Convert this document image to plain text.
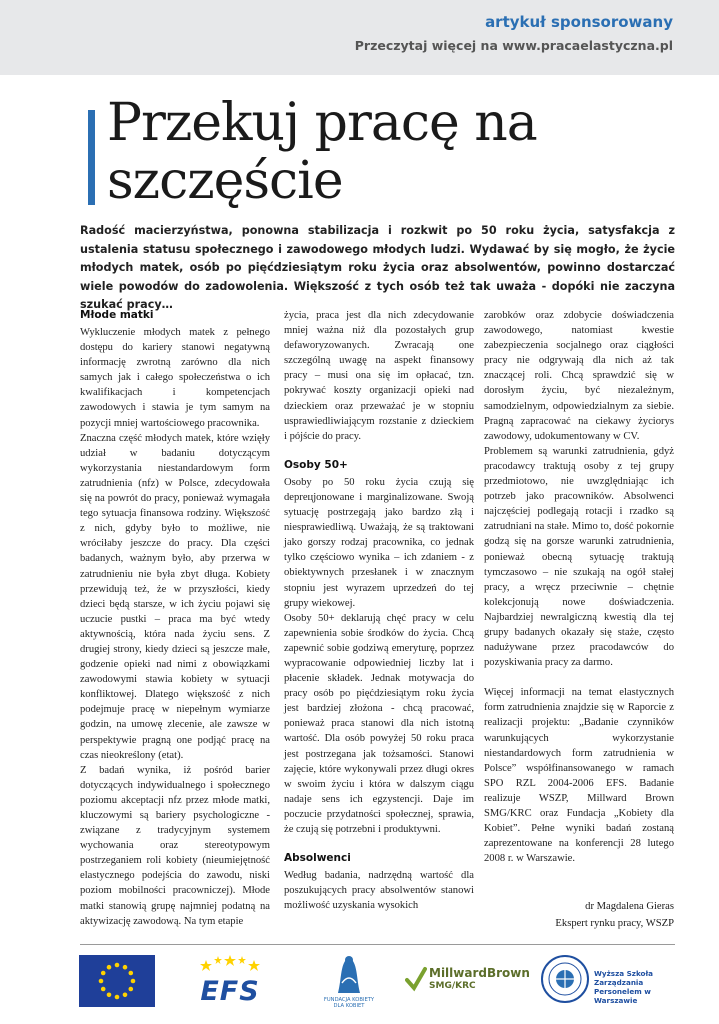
artykuł sponsorowany
Przeczytaj więcej na www.pracaelastyczna.pl
Przekuj pracę na
szczęście

Radość macierzyństwa, ponowna stabilizacja i rozkwit po 50 roku życia, satysfakcja z ustalenia statusu społecznego i zawodowego młodych ludzi. Wydawać by się mogło, że życie młodych matek, osób po pięćdziesiątym roku życia oraz absolwentów, powinno dostarczać wiele powodów do zadowolenia. Większość z tych osób też tak uważa - dopóki nie zaczyna szukać pracy…

Młode matki

Wykluczenie młodych matek z pełnego dostępu do kariery stanowi negatywną informację zwrotną zarówno dla nich samych jak i całego społeczeństwa o ich kwalifikacjach i kompetencjach zawodowych i stawia je tym samym na pozycji mniej wartościowego pracownika.

Znaczna część młodych matek, które wzięły udział w badaniu dotyczącym wykorzystania niestandardowym form zatrudnienia (nfz) w Polsce, zdecydowała się na powrót do pracy, ponieważ wymagała tego sytuacja finansowa rodziny. Większość z nich, gdyby było to możliwe, nie wróciłaby jeszcze do pracy. Dla części badanych, ważnym było, aby przerwa w zatrudnieniu nie była zbyt długa. Kobiety przewidują też, że w przyszłości, kiedy dzieci będą starsze, w ich życiu pojawi się uczucie pustki – praca ma być wtedy aktywnością, która nada życiu sens. Z drugiej strony, kiedy dzieci są jeszcze małe, godzenie opieki nad nimi z obowiązkami zawodowymi stawia kobiety w sytuacji konfliktowej. Dlatego większość z nich podejmuje pracę w niepełnym wymiarze godzin, na umowę zlecenie, ale zawsze w perspektywie pragną one podjąć pracę na czas nieokreślony (etat).

Z badań wynika, iż pośród barier dotyczących indywidualnego i społecznego poziomu akceptacji nfz przez młode matki, kluczowymi są bariery psychologiczne - związane z tradycyjnym systemem wychowania oraz stereotypowym postrzeganiem roli kobiety (nieumiejętność elastycznego podejścia do zawodu, niski poziom mobilności pracowniczej). Młode matki stanowią grupę najmniej podatną na aktywizację zawodową. Na tym etapie

życia, praca jest dla nich zdecydowanie mniej ważna niż dla pozostałych grup defaworyzowanych. Zwracają one szczególną uwagę na aspekt finansowy pracy – musi ona się im opłacać, tzn. pokrywać koszty organizacji opieki nad dzieckiem oraz przeważać je w stopniu usprawiedliwiającym rozstanie z dzieckiem i pójście do pracy.

Osoby 50+

Osoby po 50 roku życia czują się depreцjonowane i marginalizowane. Swoją sytuację postrzegają jako bardzo złą i niesprawiedliwą. Uważają, że są traktowani jako gorszy rodzaj pracownika, co jednak tylko częściowo wynika – ich zdaniem - z obiektywnych przesłanek i w znacznym stopniu jest wyrazem uprzedzeń do tej grupy wiekowej.

Osoby 50+ deklarują chęć pracy w celu zapewnienia sobie środków do życia. Chcą zapewnić sobie godziwą emeryturę, poprzez wypracowanie odpowiedniej liczby lat i płacenie składek. Jednak motywacja do pracy osób po pięćdziesiątym roku życia jest bardziej złożona - chcą pracować, ponieważ praca stanowi dla nich istotną wartość. Dla osób powyżej 50 roku praca jest postrzegana jak tożsamości. Stanowi zajęcie, które wykonywali przez długi okres w swoim życiu i która w dalszym ciągu nadaje sens ich egzystencji. Daje im poczucie przydatności społecznej, sprawia, że czują się potrzebni i produktywni.

Absolwenci

Według badania, nadrzędną wartość dla poszukujących pracy absolwentów stanowi możliwość uzyskania wysokich

zarobków oraz zdobycie doświadczenia zawodowego, natomiast kwestie zabezpieczenia socjalnego oraz ciągłości pracy nie odgrywają dla nich aż tak znaczącej roli. Chcą sprawdzić się w dorosłym życiu, być niezależnym, samodzielnym, odpowiedzialnym za siebie. Pragną zapracować na ciekawy życiorys zawodowy, udokumentowany w CV.

Problemem są warunki zatrudnienia, gdyż pracodawcy traktują osoby z tej grupy przedmiotowo, nie uwzględniając ich potrzeb jako pracowników. Absolwenci najczęściej podlegają rotacji i rzadko są zatrudniani na stałe. Mimo to, dość pokornie godzą się na gorsze warunki zatrudnienia, ponieważ obecną sytuację traktują tymczasowo – nie szukają na ogół stałej pracy, a wręcz przeciwnie – chętnie kolekcjonują nowe doświadczenia. Najbardziej newralgiczną kwestią dla tej grupy badanych okazały się staże, często nadużywane przez pracodawców do pozyskiwania pracy za darmo.

Więcej informacji na temat elastycznych form zatrudnienia znajdzie się w Raporcie z realizacji projektu: „Badanie czynników warunkujących wykorzystanie niestandardowych form zatrudnienia w Polsce” współfinansowanego w ramach SPO RZL 2004-2006 EFS. Badanie realizuje WSZP, Millward Brown SMG/KRC oraz Fundacja „Kobiety dla Kobiet”. Pełne wyniki badań zostaną zaprezentowane na konferencji 28 lutego 2008 r. w Warszawie.

dr Magdalena Gieras
Ekspert rynku pracy, WSZP
EFS	FUNDACJA KOBIETY DLA KOBIET
MillwardBrown
SMG/KRC
Wyższa Szkoła Zarządzania Personelem w Warszawie
